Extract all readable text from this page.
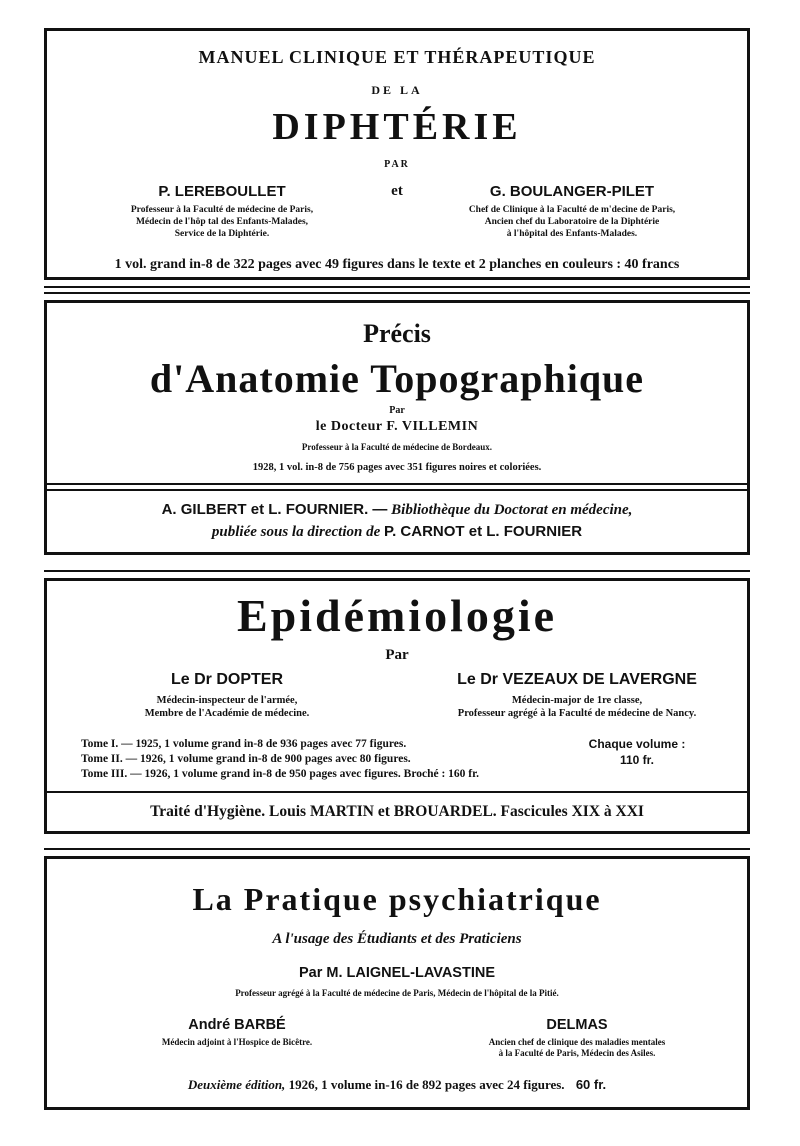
MANUEL CLINIQUE ET THÉRAPEUTIQUE
DE LA
DIPHTÉRIE
PAR
P. LEREBOULLET	et	G. BOULANGER-PILET
Professeur à la Faculté de médecine de Paris,
Médecin de l'hôp tal des Enfants-Malades,
Service de la Diphtérie.
Chef de Clinique à la Faculté de m'decine de Paris,
Ancien chef du Laboratoire de la Diphtérie
à l'hôpital des Enfants-Malades.
1 vol. grand in-8 de 322 pages avec 49 figures dans le texte et 2 planches en couleurs : 40 francs
Précis
d'Anatomie Topographique
Par
le Docteur F. VILLEMIN
Professeur à la Faculté de médecine de Bordeaux.
1928, 1 vol. in-8 de 756 pages avec 351 figures noires et coloriées.
A. GILBERT et L. FOURNIER. — Bibliothèque du Doctorat en médecine,
publiée sous la direction de P. CARNOT et L. FOURNIER
Epidémiologie
Par
Le Dr DOPTER	Le Dr VEZEAUX DE LAVERGNE
Médecin-inspecteur de l'armée,
Membre de l'Académie de médecine.
Médecin-major de 1re classe,
Professeur agrégé à la Faculté de médecine de Nancy.
Tome I. — 1925, 1 volume grand in-8 de 936 pages avec 77 figures.
Tome II. — 1926, 1 volume grand in-8 de 900 pages avec 80 figures.
Tome III. — 1926, 1 volume grand in-8 de 950 pages avec figures. Broché : 160 fr.
Chaque volume :
110 fr.
Traité d'Hygiène. Louis MARTIN et BROUARDEL. Fascicules XIX à XXI
La Pratique psychiatrique
A l'usage des Étudiants et des Praticiens
Par M. LAIGNEL-LAVASTINE
Professeur agrégé à la Faculté de médecine de Paris, Médecin de l'hôpital de la Pitié.
André BARBÉ
Médecin adjoint à l'Hospice de Bicêtre.
DELMAS
Ancien chef de clinique des maladies mentales
à la Faculté de Paris, Médecin des Asiles.
Deuxième édition, 1926, 1 volume in-16 de 892 pages avec 24 figures. 60 fr.
